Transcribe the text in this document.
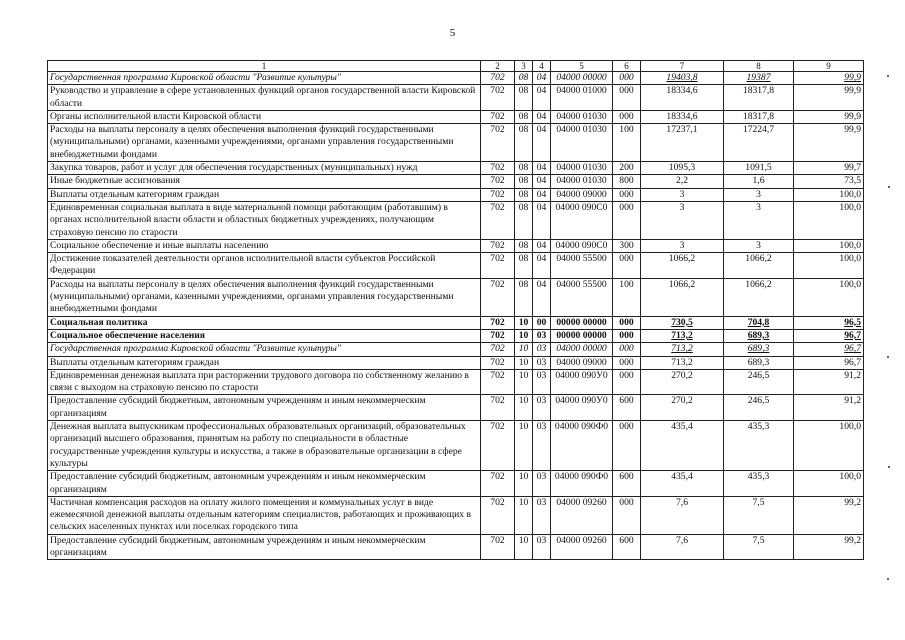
5
1	2	3	4	5	6	7	8	9
Государственная программа Кировской области "Развитие культуры"	702	08	04	04000 00000	000	19403,8	19387	99,9
Руководство и управление в сфере установленных функций органов государственной власти Кировской области	702	08	04	04000 01000	000	18334,6	18317,8	99,9
Органы исполнительной власти Кировской области	702	08	04	04000 01030	000	18334,6	18317,8	99,9
Расходы на выплаты персоналу в целях обеспечения выполнения функций государственными (муниципальными) органами, казенными учреждениями, органами управления государственными внебюджетными фондами	702	08	04	04000 01030	100	17237,1	17224,7	99,9
Закупка товаров, работ и услуг для обеспечения государственных (муниципальных) нужд	702	08	04	04000 01030	200	1095,3	1091,5	99,7
Иные бюджетные ассигнования	702	08	04	04000 01030	800	2,2	1,6	73,5
Выплаты отдельным категориям граждан	702	08	04	04000 09000	000	3	3	100,0
Единовременная социальная выплата в виде материальной помощи работающим (работавшим) в органах исполнительной власти области и областных бюджетных учреждениях, получающим страховую пенсию по старости	702	08	04	04000 090С0	000	3	3	100,0
Социальное обеспечение и иные выплаты населению	702	08	04	04000 090С0	300	3	3	100,0
Достижение показателей деятельности органов исполнительной власти субъектов Российской Федерации	702	08	04	04000 55500	000	1066,2	1066,2	100,0
Расходы на выплаты персоналу в целях обеспечения выполнения функций государственными (муниципальными) органами, казенными учреждениями, органами управления государственными внебюджетными фондами	702	08	04	04000 55500	100	1066,2	1066,2	100,0
Социальная политика	702	10	00	00000 00000	000	730,5	704,8	96,5
Социальное обеспечение населения	702	10	03	00000 00000	000	713,2	689,3	96,7
Государственная программа Кировской области "Развитие культуры"	702	10	03	04000 00000	000	713,2	689,3	96,7
Выплаты отдельным категориям граждан	702	10	03	04000 09000	000	713,2	689,3	96,7
Единовременная денежная выплата при расторжении трудового договора по собственному желанию в связи с выходом на страховую пенсию по старости	702	10	03	04000 090У0	000	270,2	246,5	91,2
Предоставление субсидий бюджетным, автономным учреждениям и иным некоммерческим организациям	702	10	03	04000 090У0	600	270,2	246,5	91,2
Денежная выплата выпускникам профессиональных образовательных организаций, образовательных организаций высшего образования, принятым на работу по специальности в областные государственные учреждения культуры и искусства, а также в образовательные организации в сфере культуры	702	10	03	04000 090Ф0	000	435,4	435,3	100,0
Предоставление субсидий бюджетным, автономным учреждениям и иным некоммерческим организациям	702	10	03	04000 090Ф0	600	435,4	435,3	100,0
Частичная компенсация расходов на оплату жилого помещения и коммунальных услуг в виде ежемесячной денежной выплаты отдельным категориям специалистов, работающих и проживающих в сельских населенных пунктах или поселках городского типа	702	10	03	04000 09260	000	7,6	7,5	99,2
Предоставление субсидий бюджетным, автономным учреждениям и иным некоммерческим организациям	702	10	03	04000 09260	600	7,6	7,5	99,2
